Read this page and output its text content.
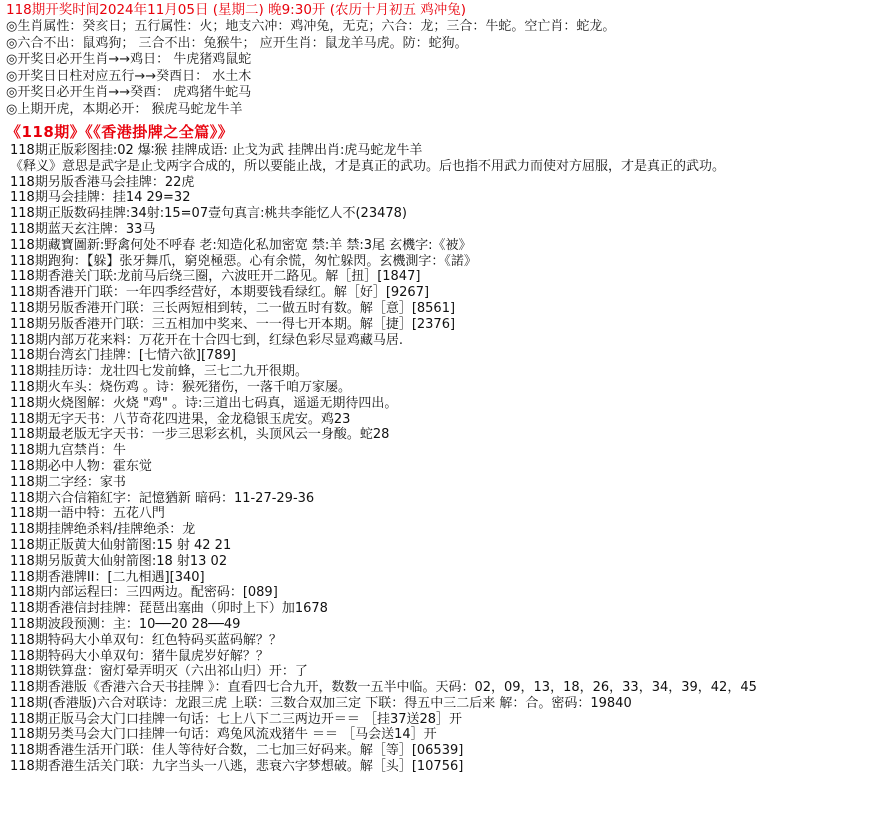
118期开奖时间2024年11月05日 (星期二) 晚9:30开 (农历十月初五 鸡冲兔)
◎生肖属性：癸亥日；五行属性：火；地支六冲：鸡冲兔，无克；六合：龙；三合：牛蛇。空亡肖：蛇龙。
◎六合不出：鼠鸡狗； 三合不出：兔猴牛； 应开生肖：鼠龙羊马虎。防：蛇狗。
◎开奖日必开生肖→→鸡日： 牛虎猪鸡鼠蛇
◎开奖日日柱对应五行→→癸酉日： 水土木
◎开奖日必开生肖→→癸酉： 虎鸡猪牛蛇马
◎上期开虎，本期必开： 猴虎马蛇龙牛羊
《118期》《《香港掛牌之全篇》》
118期正版彩图挂:02 爆∶猴 挂牌成语: 止戈为武 挂牌出肖:虎马蛇龙牛羊
《释义》意思是武字是止戈两字合成的，所以要能止战，才是真正的武功。后也指不用武力而使对方屈服，才是真正的武功。
118期另版香港马会挂牌：22虎
118期马会挂牌：挂14 29=32
118期正版数码挂牌:34射:15=07壹句真言:桃共李能忆人不(23478)
118期蓝天玄注牌：33马
118期藏寶圖新:野禽何处不呼春 老:知造化私加密宽 禁:羊 禁:3尾 玄機字:《被》
118期跑狗：【躲】张牙舞爪，窮兇極惡。心有余慌，匆忙躲閃。玄機測字：《諾》
118期香港关门联:龙前马后绕三圈，六波旺开二路见。解［扭］[1847]
118期香港开门联：一年四季经营好，本期要钱看绿红。解［好］[9267]
118期另版香港开门联：三长两短相到转，二一做五时有数。解［意］[8561]
118期另版香港开门联：三五相加中奖来、一一得七开本期。解［捷］[2376]
118期内部万花来料：万花开在十合四七到，红绿色彩尽显鸡藏马居.
118期台湾玄门挂牌：[七情六欲][789]
118期挂历诗：龙壮四七发前蜂，三七二九开很期。
118期火车头：烧伤鸡 。诗：猴死猪伤，一落千咱万家屡。
118期火烧图解：火烧 "鸡" 。诗:三道出七码真，遥遥无期待四出。
118期无字天书：八节奇花四进果，金龙稳银玉虎安。鸡23
118期最老版无字天书：一步三思彩玄机，头顶风云一身酸。蛇28
118期九宫禁肖：牛
118期必中人物：霍东觉
118期二字经：家书
118期六合信箱紅字：記憶猶新 暗码：11-27-29-36
118期一語中特：五花八門
118期挂牌绝杀料/挂牌绝杀：龙
118期正版黄大仙射箭图:15 射 42 21
118期另版黄大仙射箭图:18 射13 02
118期香港牌II：[二九相遇][340]
118期内部运程曰：三四两边。配密码：[089]
118期香港信封挂牌：琵琶出塞曲（卯时上下）加1678
118期波段预测：主：10──20 28──49
118期特码大小单双句：红色特码买蓝码解？？
118期特码大小单双句：猪牛鼠虎岁好解？？
118期铁算盘：窗灯晕弄明灭（六出祁山归）开：了
118期香港版《香港六合天书挂牌 》：直看四七合九开，数数一五半中临。天码：02，09，13，18，26，33，34，39，42，45
118期(香港版)六合对联诗：龙跟三虎 上联：三数合双加三定 下联：得五中三二后来 解：合。密码：19840
118期正版马会大门口挂牌一句话：七上八下二三两边开＝＝ ［挂37送28］开
118期另类马会大门口挂牌一句话：鸡兔风流戏猪牛 ＝＝ ［马会送14］开
118期香港生活开门联：佳人等待好合数，二七加三好码来。解［等］[06539]
118期香港生活关门联：九字当头一八逃，悲衰六字梦想破。解［头］[10756]
